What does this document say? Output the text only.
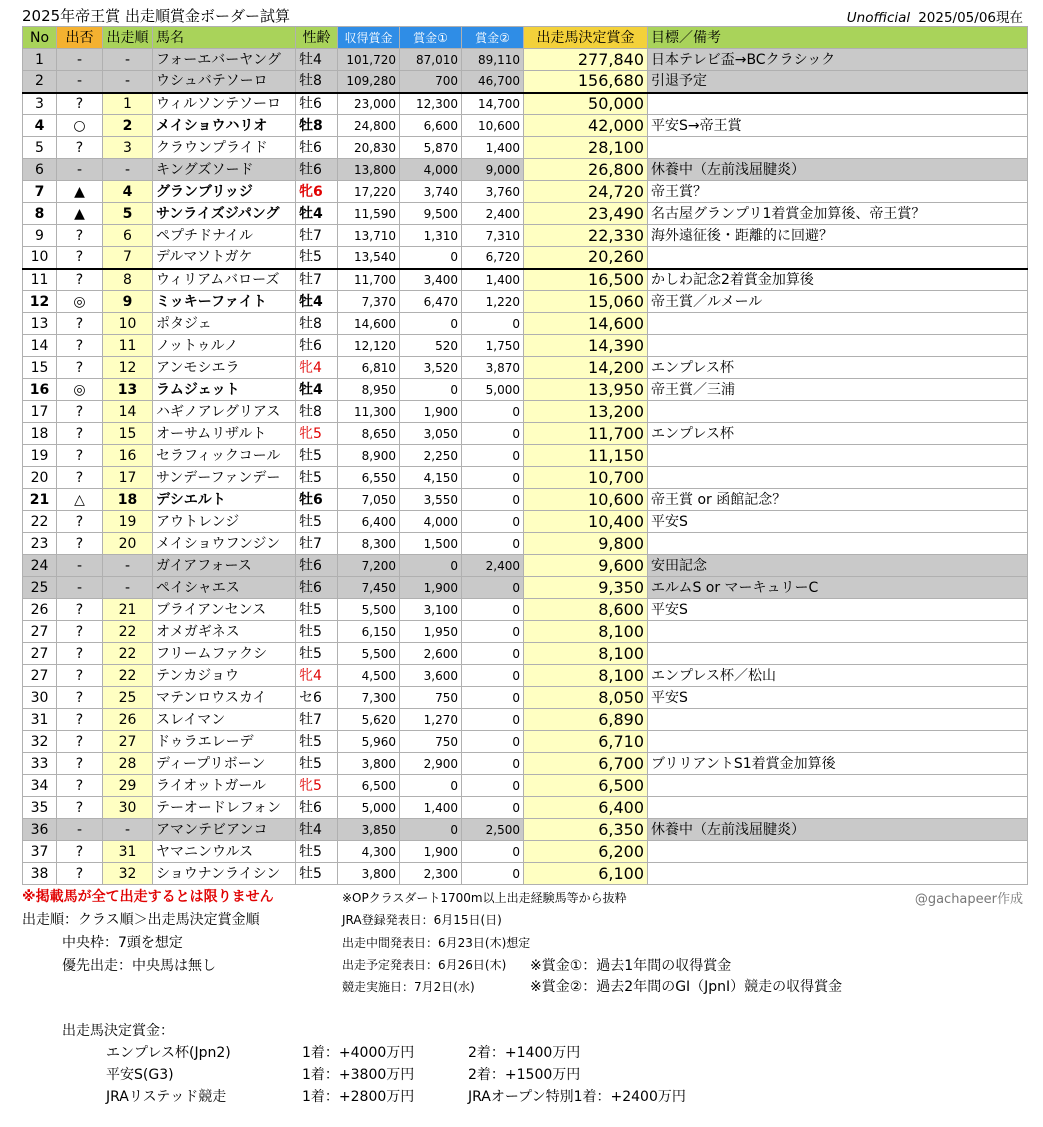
2025年帝王賞 出走順賞金ボーダー試算	Unofficial 2025/05/06現在
No	出否	出走順	馬名	性齢	収得賞金	賞金①	賞金②	出走馬決定賞金	目標／備考
1	-	-	フォーエバーヤング	牡4	101,720	87,010	89,110	277,840	日本テレビ盃→BCクラシック
2	-	-	ウシュバテソーロ	牡8	109,280	700	46,700	156,680	引退予定
3	?	1	ウィルソンテソーロ	牡6	23,000	12,300	14,700	50,000	
4	○	2	メイショウハリオ	牡8	24,800	6,600	10,600	42,000	平安S→帝王賞
5	?	3	クラウンプライド	牡6	20,830	5,870	1,400	28,100	
6	-	-	キングズソード	牡6	13,800	4,000	9,000	26,800	休養中（左前浅屈腱炎）
7	▲	4	グランブリッジ	牝6	17,220	3,740	3,760	24,720	帝王賞？
8	▲	5	サンライズジパング	牡4	11,590	9,500	2,400	23,490	名古屋グランプリ1着賞金加算後、帝王賞？
9	?	6	ペプチドナイル	牡7	13,710	1,310	7,310	22,330	海外遠征後・距離的に回避？
10	?	7	デルマソトガケ	牡5	13,540	0	6,720	20,260	
11	?	8	ウィリアムバローズ	牡7	11,700	3,400	1,400	16,500	かしわ記念2着賞金加算後
12	◎	9	ミッキーファイト	牡4	7,370	6,470	1,220	15,060	帝王賞／ルメール
13	?	10	ポタジェ	牡8	14,600	0	0	14,600	
14	?	11	ノットゥルノ	牡6	12,120	520	1,750	14,390	
15	?	12	アンモシエラ	牝4	6,810	3,520	3,870	14,200	エンプレス杯
16	◎	13	ラムジェット	牡4	8,950	0	5,000	13,950	帝王賞／三浦
17	?	14	ハギノアレグリアス	牡8	11,300	1,900	0	13,200	
18	?	15	オーサムリザルト	牝5	8,650	3,050	0	11,700	エンプレス杯
19	?	16	セラフィックコール	牡5	8,900	2,250	0	11,150	
20	?	17	サンデーファンデー	牡5	6,550	4,150	0	10,700	
21	△	18	デシエルト	牡6	7,050	3,550	0	10,600	帝王賞 or 函館記念？
22	?	19	アウトレンジ	牡5	6,400	4,000	0	10,400	平安S
23	?	20	メイショウフンジン	牡7	8,300	1,500	0	9,800	
24	-	-	ガイアフォース	牡6	7,200	0	2,400	9,600	安田記念
25	-	-	ペイシャエス	牡6	7,450	1,900	0	9,350	エルムS or マーキュリーC
26	?	21	ブライアンセンス	牡5	5,500	3,100	0	8,600	平安S
27	?	22	オメガギネス	牡5	6,150	1,950	0	8,100	
27	?	22	フリームファクシ	牡5	5,500	2,600	0	8,100	
27	?	22	テンカジョウ	牝4	4,500	3,600	0	8,100	エンプレス杯／松山
30	?	25	マテンロウスカイ	セ6	7,300	750	0	8,050	平安S
31	?	26	スレイマン	牡7	5,620	1,270	0	6,890	
32	?	27	ドゥラエレーデ	牡5	5,960	750	0	6,710	
33	?	28	ディープリボーン	牡5	3,800	2,900	0	6,700	ブリリアントS1着賞金加算後
34	?	29	ライオットガール	牝5	6,500	0	0	6,500	
35	?	30	テーオードレフォン	牡6	5,000	1,400	0	6,400	
36	-	-	アマンテビアンコ	牡4	3,850	0	2,500	6,350	休養中（左前浅屈腱炎）
37	?	31	ヤマニンウルス	牡5	4,300	1,900	0	6,200	
38	?	32	ショウナンライシン	牡5	3,800	2,300	0	6,100	
※掲載馬が全て出走するとは限りません	※OPクラスダート1700m以上出走経験馬等から抜粋	@gachapeer作成
出走順：クラス順＞出走馬決定賞金順
中央枠：7頭を想定
優先出走：中央馬は無し
JRA登録発表日：6月15日(日)
出走中間発表日：6月23日(木)想定
出走予定発表日：6月26日(木)
競走実施日：7月2日(水)
※賞金①：過去1年間の収得賞金
※賞金②：過去2年間のGI（JpnI）競走の収得賞金
出走馬決定賞金：
エンプレス杯(Jpn2)	1着：+4000万円	2着：+1400万円
平安S(G3)	1着：+3800万円	2着：+1500万円
JRAリステッド競走	1着：+2800万円	JRAオープン特別1着：+2400万円
